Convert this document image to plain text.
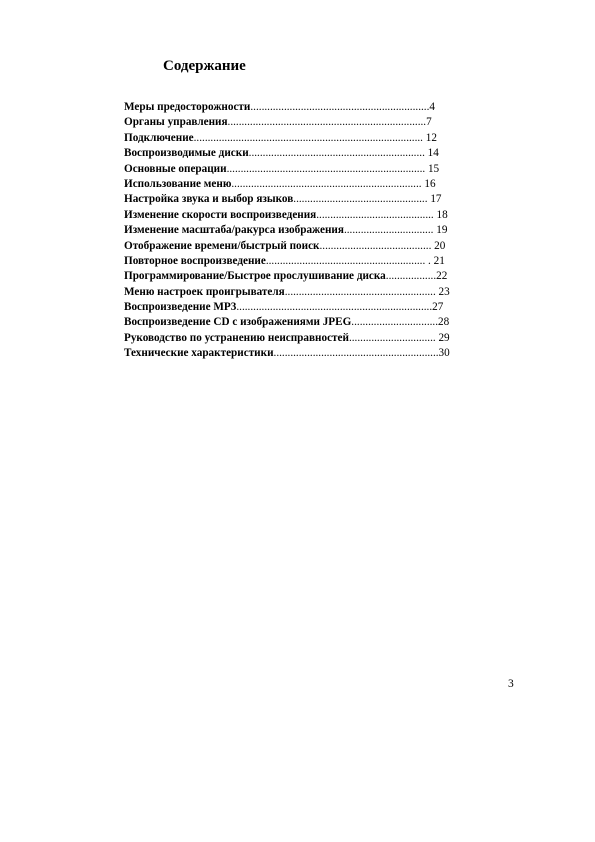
Содержание
Меры предосторожности................................................................4
Органы управления.......................................................................7
Подключение.................................................................................. 12
Воспроизводимые диски............................................................... 14
Основные операции....................................................................... 15
Использование меню.................................................................... 16
Настройка звука и выбор языков................................................ 17
Изменение скорости воспроизведения.......................................... 18
Изменение масштаба/ракурса изображения................................ 19
Отображение времени/быстрый поиск........................................ 20
Повторное воспроизведение......................................................... . 21
Программирование/Быстрое прослушивание диска..................22
Меню настроек проигрывателя...................................................... 23
Воспроизведение MP3......................................................................27
Воспроизведение CD с изображениями JPEG...............................28
Руководство по устранению неисправностей............................... 29
Технические характеристики...........................................................30
3
